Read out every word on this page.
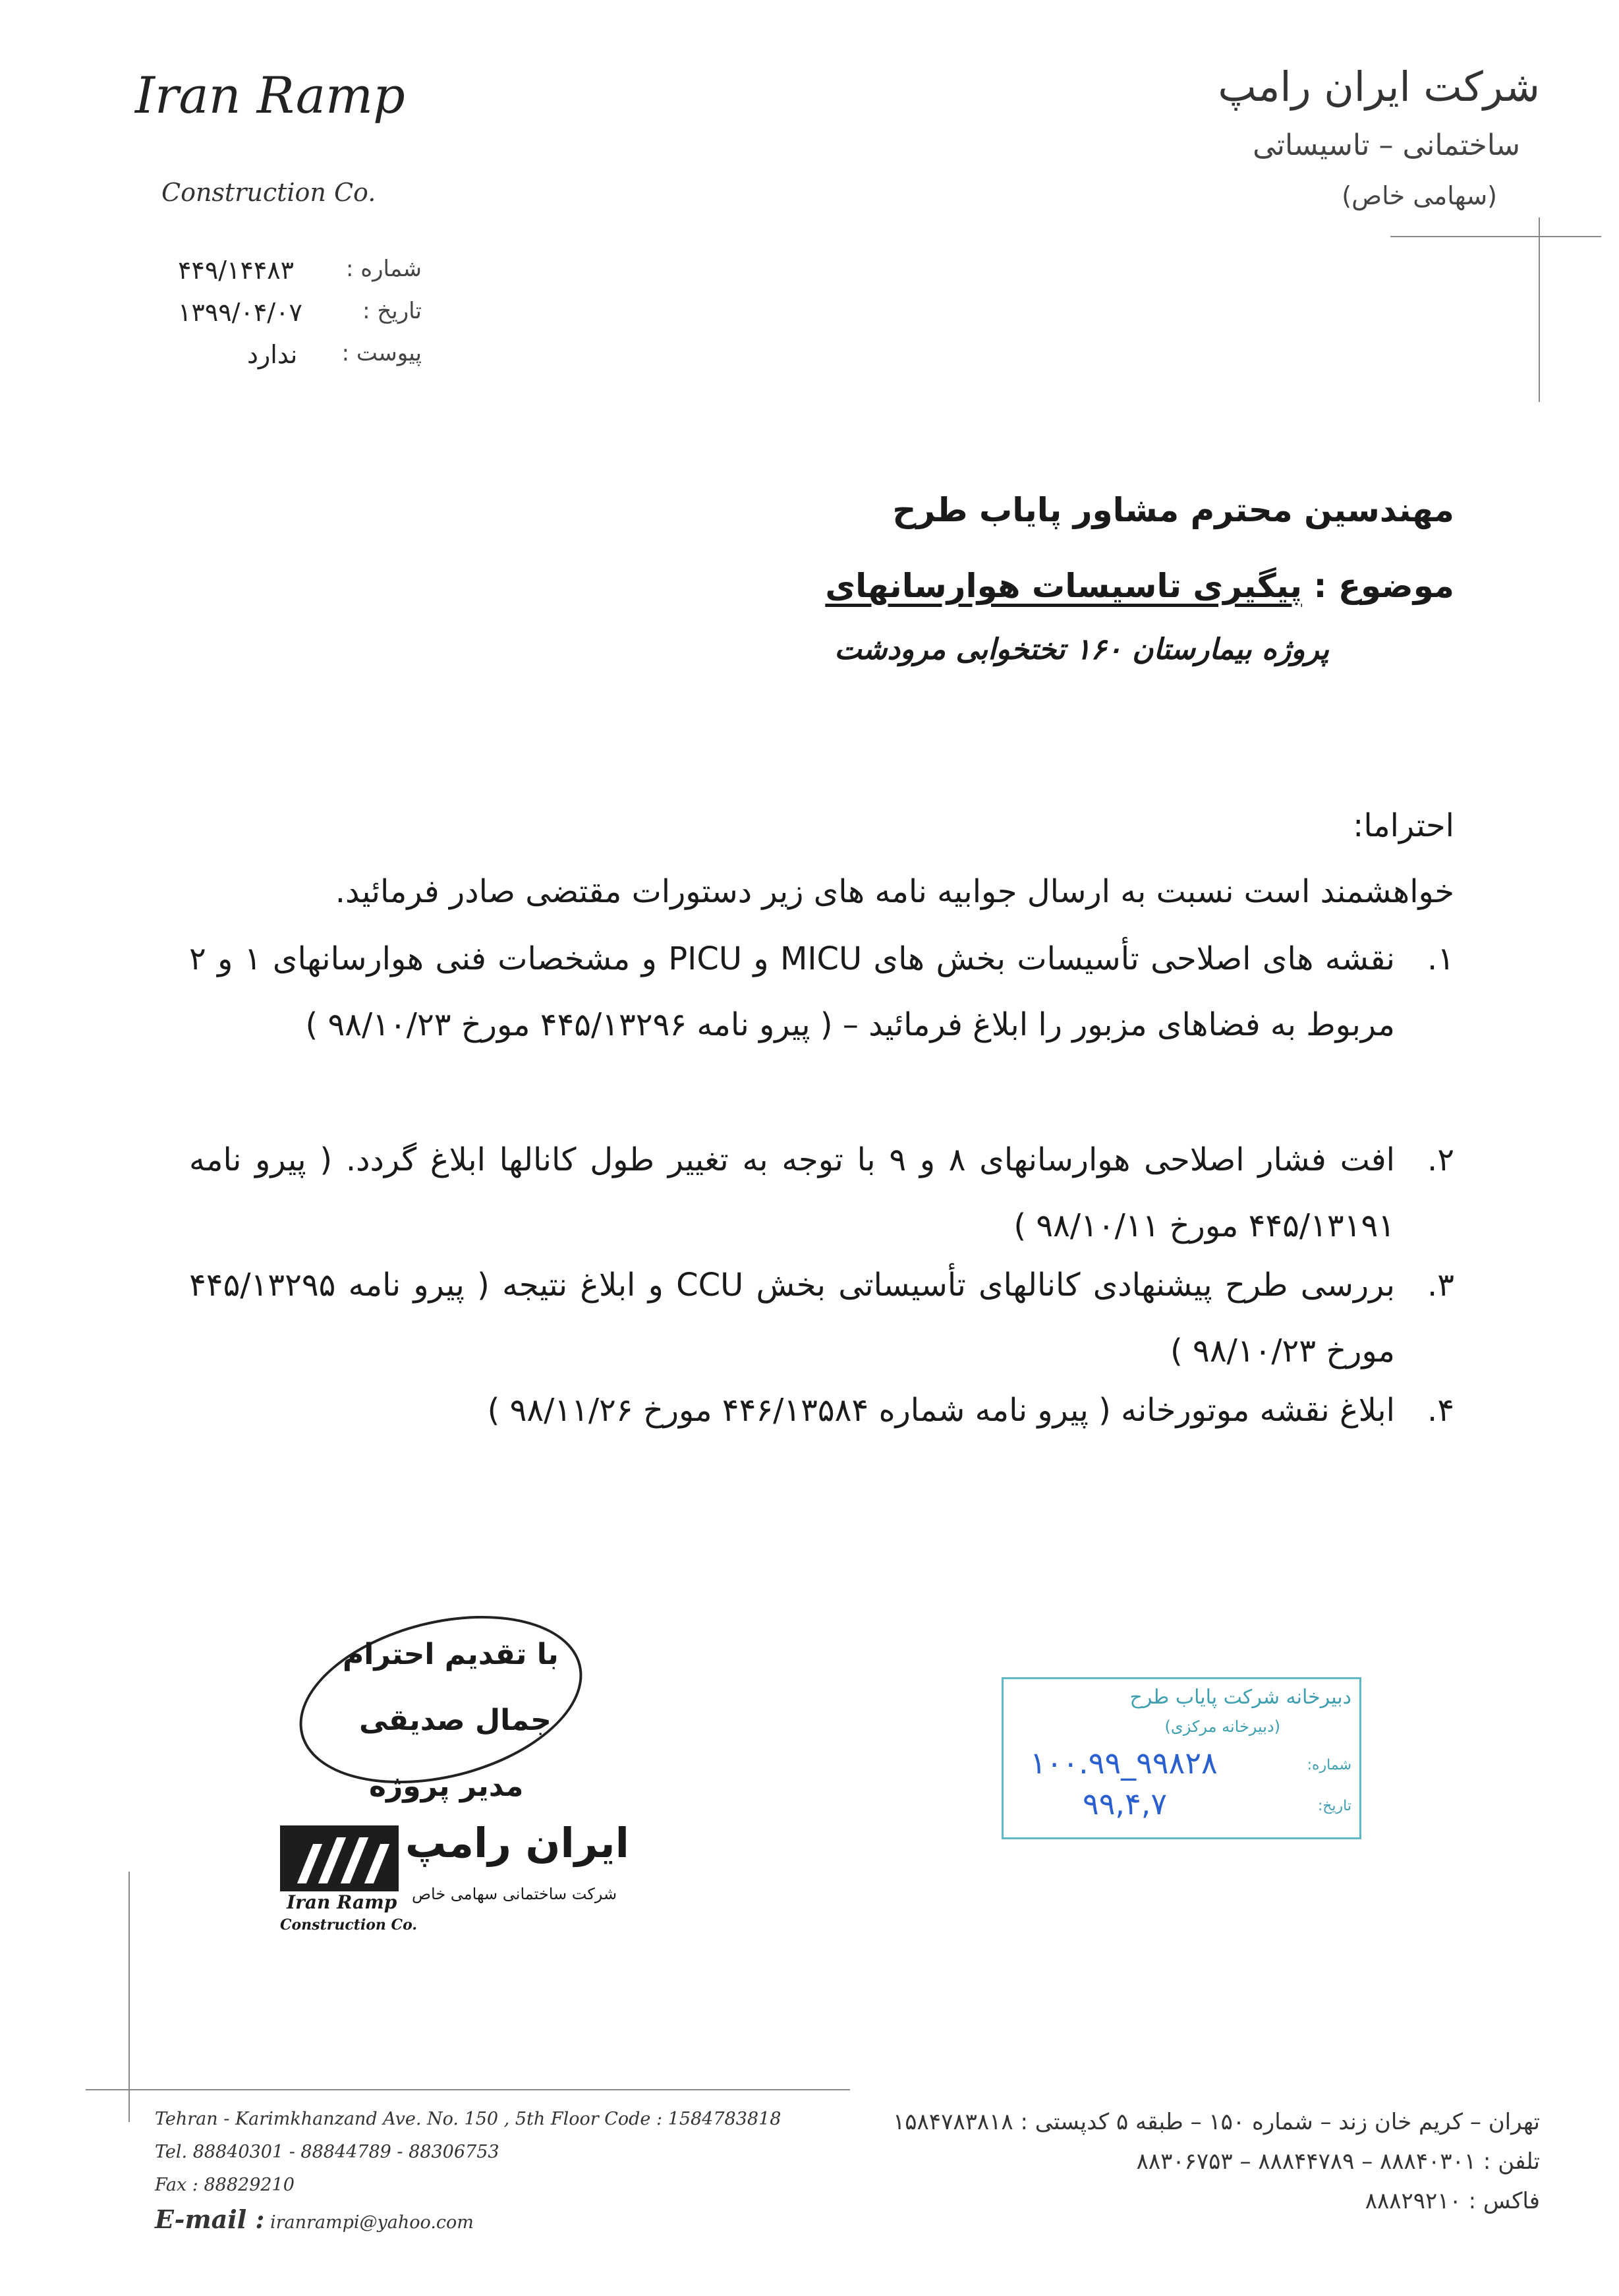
Iran Ramp
Construction Co.
شرکت ایران رامپ
ساختمانی – تاسیساتی
(سهامی خاص)
شماره :
۴۴۹/۱۴۴۸۳
تاریخ :
۱۳۹۹/۰۴/۰۷
پیوست :
ندارد
مهندسین محترم مشاور پایاب طرح
موضوع : پیگیری تاسیسات هوارسانهای
پروژه بیمارستان ۱۶۰ تختخوابی مرودشت
احتراما:
خواهشمند است نسبت به ارسال جوابیه نامه های زیر دستورات مقتضی صادر فرمائید.
۱.
نقشه های اصلاحی تأسیسات بخش های MICU و PICU و مشخصات فنی هوارسانهای ۱ و ۲ مربوط به فضاهای مزبور را ابلاغ فرمائید – ( پیرو نامه ۴۴۵/۱۳۲۹۶ مورخ ۹۸/۱۰/۲۳ )
۲.
افت فشار اصلاحی هوارسانهای ۸ و ۹ با توجه به تغییر طول کانالها ابلاغ گردد. ( پیرو نامه ۴۴۵/۱۳۱۹۱ مورخ ۹۸/۱۰/۱۱ )
۳.
بررسی طرح پیشنهادی کانالهای تأسیساتی بخش CCU و ابلاغ نتیجه ( پیرو نامه ۴۴۵/۱۳۲۹۵ مورخ ۹۸/۱۰/۲۳ )
۴.
ابلاغ نقشه موتورخانه ( پیرو نامه شماره ۴۴۶/۱۳۵۸۴ مورخ ۹۸/۱۱/۲۶ )
با تقدیم احترام
جمال صدیقی
مدیر پروژه
ایران رامپ
شرکت ساختمانی سهامی خاص
Iran Ramp
Construction Co.
دبیرخانه شرکت پایاب طرح
(دبیرخانه مرکزی)
شماره:
۱۰۰.۹۹_۹۹۸۲۸
تاریخ:
۹۹,۴,۷
Tehran - Karimkhanzand Ave. No. 150 , 5th Floor Code : 1584783818
Tel. 88840301 - 88844789 - 88306753
Fax : 88829210
E-mail : iranrampi@yahoo.com
تهران – کریم خان زند – شماره ۱۵۰ – طبقه ۵ کدپستی : ۱۵۸۴۷۸۳۸۱۸
تلفن : ۸۸۸۴۰۳۰۱ – ۸۸۸۴۴۷۸۹ – ۸۸۳۰۶۷۵۳
فاکس : ۸۸۸۲۹۲۱۰
